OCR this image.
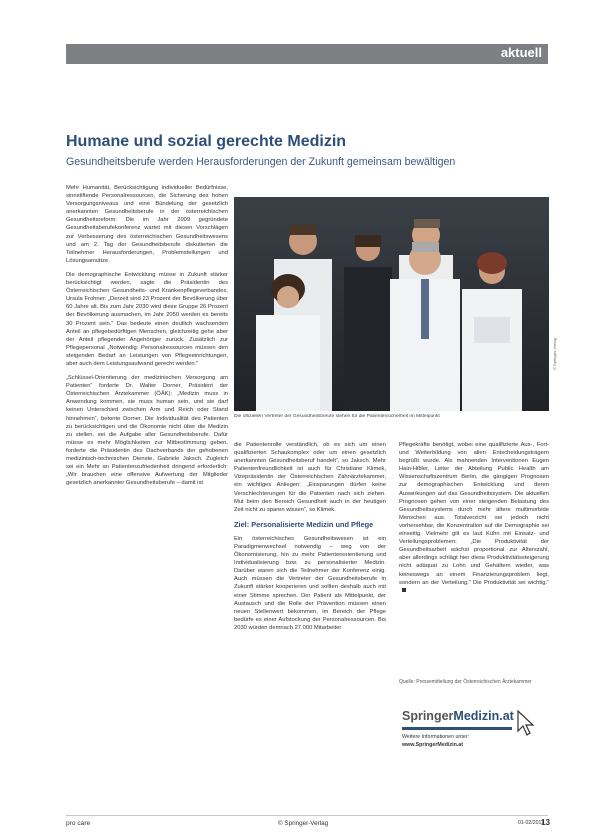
aktuell
Humane und sozial gerechte Medizin
Gesundheitsberufe werden Herausforderungen der Zukunft gemeinsam bewältigen

Mehr Humanität, Berücksichtigung individueller Bedürfnisse, sinnstiftende Personalressourcen, die Sicherung des hohen Versorgungsniveaus und eine Bündelung der gesetzlich anerkannten Gesundheitsberufe in der österreichischen Gesundheitsreform: Die im Jahr 2009 gegründete Gesundheitsberufekonferenz wartet mit diesen Vorschlägen zur Verbesserung des österreichischen Gesundheitswesens und am 2. Tag der Gesundheitsberufe diskutierten die Teilnehmer Herausforderungen, Problemstellungen und Lösungsansätze.

Die demographische Entwicklung müsse in Zukunft stärker berücksichtigt werden, sagte die Präsidentin des Österreichischen Gesundheits- und Krankenpflegeverbandes, Ursula Frohner: „Derzeit sind 23 Prozent der Bevölkerung über 60 Jahre alt. Bis zum Jahr 2030 wird diese Gruppe 26 Prozent der Bevölkerung ausmachen, im Jahr 2050 werden es bereits 30 Prozent sein.“ Das bedeute einen deutlich wachsenden Anteil an pflegebedürftigen Menschen, gleichzeitig gehe aber der Anteil pflegender Angehöriger zurück. Zusätzlich zur Pflegepersonal „Notwendig: Personalressourcen müssen den steigenden Bedarf an Leistungen von Pflegeeinrichtungen, aber auch dem Leistungsaufwand gerecht werden.“

„Schlüssel-Orientierung der medizinischen Versorgung am Patienten“ forderte Dr. Walter Dorner, Präsident der Österreichischen Ärztekammer (ÖÄK): „Medizin muss in Anwendung kommen, sie muss human sein, und sie darf keinen Unterschied zwischen Arm und Reich oder Stand hinnehmen“, betonte Dorner. Die Individualität des Patienten zu berücksichtigen und die Ökonomie nicht über die Medizin zu stellen, sei die Aufgabe aller Gesundheitsberufe. Dafür müsse es mehr Möglichkeiten zur Mitbestimmung geben, forderte die Präsidentin des Dachverbands der gehobenen medizinisch-technischen Dienste, Gabriele Jaksch. Zugleich sei ein Mehr an Patientenzufriedenheit dringend erforderlich: „Wir brauchen eine offensive Aufwertung der Mitglieder gesetzlich anerkannter Gesundheitsberufe – damit ist

© Springer-Verlag
Die offiziellen Vertreter der Gesundheitsberufe stehen für die Patientensicherheit im Mittelpunkt

die Patientenrolle verständlich, ob es sich um einen qualifizierten Schaukomplex oder um einen gesetzlich anerkannten Gesundheitsberuf handelt“, so Jaksch. Mehr Patientenfreundlichkeit ist auch für Christiane Klimek, Vizepräsidentin der Österreichischen Zahnärztekammer, ein wichtiges Anliegen: „Einsparungen dürfen keine Verschlechterungen für die Patienten nach sich ziehen. Mut beim den Bereich Gesundheit auch in der heutigen Zeit nicht zu sparen wissen“, so Klimek.

Ziel: Personalisierte Medizin und Pflege

Ein österreichisches Gesundheitswesen ist ein Paradigmenwechsel notwendig – weg von der Ökonomisierung, hin zu mehr Patientenorientierung und Individualisierung bzw. zu personalisierter Medizin. Darüber waren sich die Teilnehmer der Konferenz einig. Auch müssen die Vertreter der Gesundheitsberufe in Zukunft stärker kooperieren und sollten deshalb auch mit einer Stimme sprechen. Der Patient als Mittelpunkt, der Austausch und die Rolle der Prävention müssen einen neuen Stellenwert bekommen, im Bereich der Pflege bedürfe es einer Aufstockung der Personalressourcen. Bis 2030 würden demnach 27.000 Mitarbeiter

Pflegekräfte benötigt, wobei eine qualifizierte Aus-, Fort- und Weiterbildung von allen Entscheidungsträgern begrüßt wurde. Als mahnenden Interventionen Eugen Hain-Hibler, Leiter der Abteilung Public Health am Wissenschaftszentrum Berlin, die gängigen Prognosen zur demographischen Entwicklung und deren Auswirkungen auf das Gesundheitssystem. Die aktuellen Prognosen gehen von einer steigenden Belastung des Gesundheitssystems durch mehr ältere multimorbide Menschen aus. Totalverzicht sei jedoch nicht vorhersehbar, die Konzentration auf die Demographie sei einseitig. Vielmehr gilt es laut Kühn mit Einsatz- und Verteilungsproblemen: „Die Produktivität der Gesundheitsarbeit wächst proportional zur Alterszahl, aber allerdings schlägt hier diese Produktivitätssteigerung nicht adäquat zu Lohn und Gehältern wieder, was keineswegs an einem Finanzierungsproblem liegt, sondern an der Verteilung.“ Die Produktivität sei wichtig.“

Quelle: Pressemitteilung der Österreichischen Ärztekammer
SpringerMedizin.at
Weitere Informationen unter:
www.SpringerMedizin.at
pro care	© Springer-Verlag	01-02/2011
13
